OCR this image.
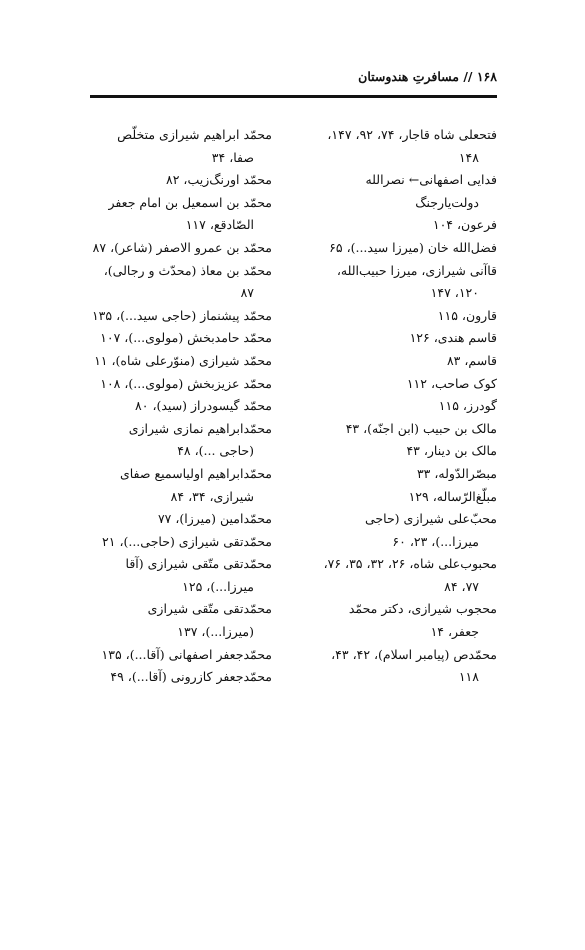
۱۶۸ // مسافرتِ هندوستان
فتحعلی شاه قاجار، ۷۴، ۹۲، ۱۴۷،
۱۴۸
فدایی اصفهانی← نصرالله
دولت‌یارجنگ
فرعون، ۱۰۴
فضل‌الله خان (میرزا سید...)، ۶۵
قاآنی شیرازی، میرزا حبیب‌الله،
۱۲۰، ۱۴۷
قارون، ۱۱۵
قاسم هندی، ۱۲۶
قاسم، ۸۳
کوک صاحب، ۱۱۲
گودرز، ۱۱۵
مالک بن حبیب (ابن اجنّه)، ۴۳
مالک بن دینار، ۴۳
مبصّرالدّوله، ۳۳
مبلّغ‌الرّساله، ۱۲۹
محبّ‌علی شیرازی (حاجی
میرزا...)، ۲۳، ۶۰
محبوب‌علی شاه، ۲۶، ۳۲، ۳۵، ۷۶،
۷۷، ۸۴
محجوب شیرازی، دکتر محمّد
جعفر، ۱۴
محمّدص (پیامبر اسلام)، ۴۲، ۴۳،
۱۱۸
محمّد ابراهیم شیرازی متخلّص
صفا، ۳۴
محمّد اورنگ‌زیب، ۸۲
محمّد بن اسمعیل بن امام جعفر
الصّادقع، ۱۱۷
محمّد بن عمرو الاصفر (شاعر)، ۸۷
محمّد بن معاذ (محدّث و رجالی)،
۸۷
محمّد پیشنماز (حاجی سید...)، ۱۳۵
محمّد حامدبخش (مولوی...)، ۱۰۷
محمّد شیرازی (منوّرعلی شاه)، ۱۱
محمّد عزیزبخش (مولوی...)، ۱۰۸
محمّد گیسودراز (سید)، ۸۰
محمّدابراهیم نمازی شیرازی
(حاجی ...)، ۴۸
محمّدابراهیم اولیاسمیع صفای
شیرازی، ۳۴، ۸۴
محمّدامین (میرزا)، ۷۷
محمّدتقی شیرازی (حاجی...)، ۲۱
محمّدتقی متّقی شیرازی (آقا
میرزا...)، ۱۲۵
محمّدتقی متّقی شیرازی
(میرزا...)، ۱۳۷
محمّدجعفر اصفهانی (آقا...)، ۱۳۵
محمّدجعفر کازرونی (آقا...)، ۴۹
